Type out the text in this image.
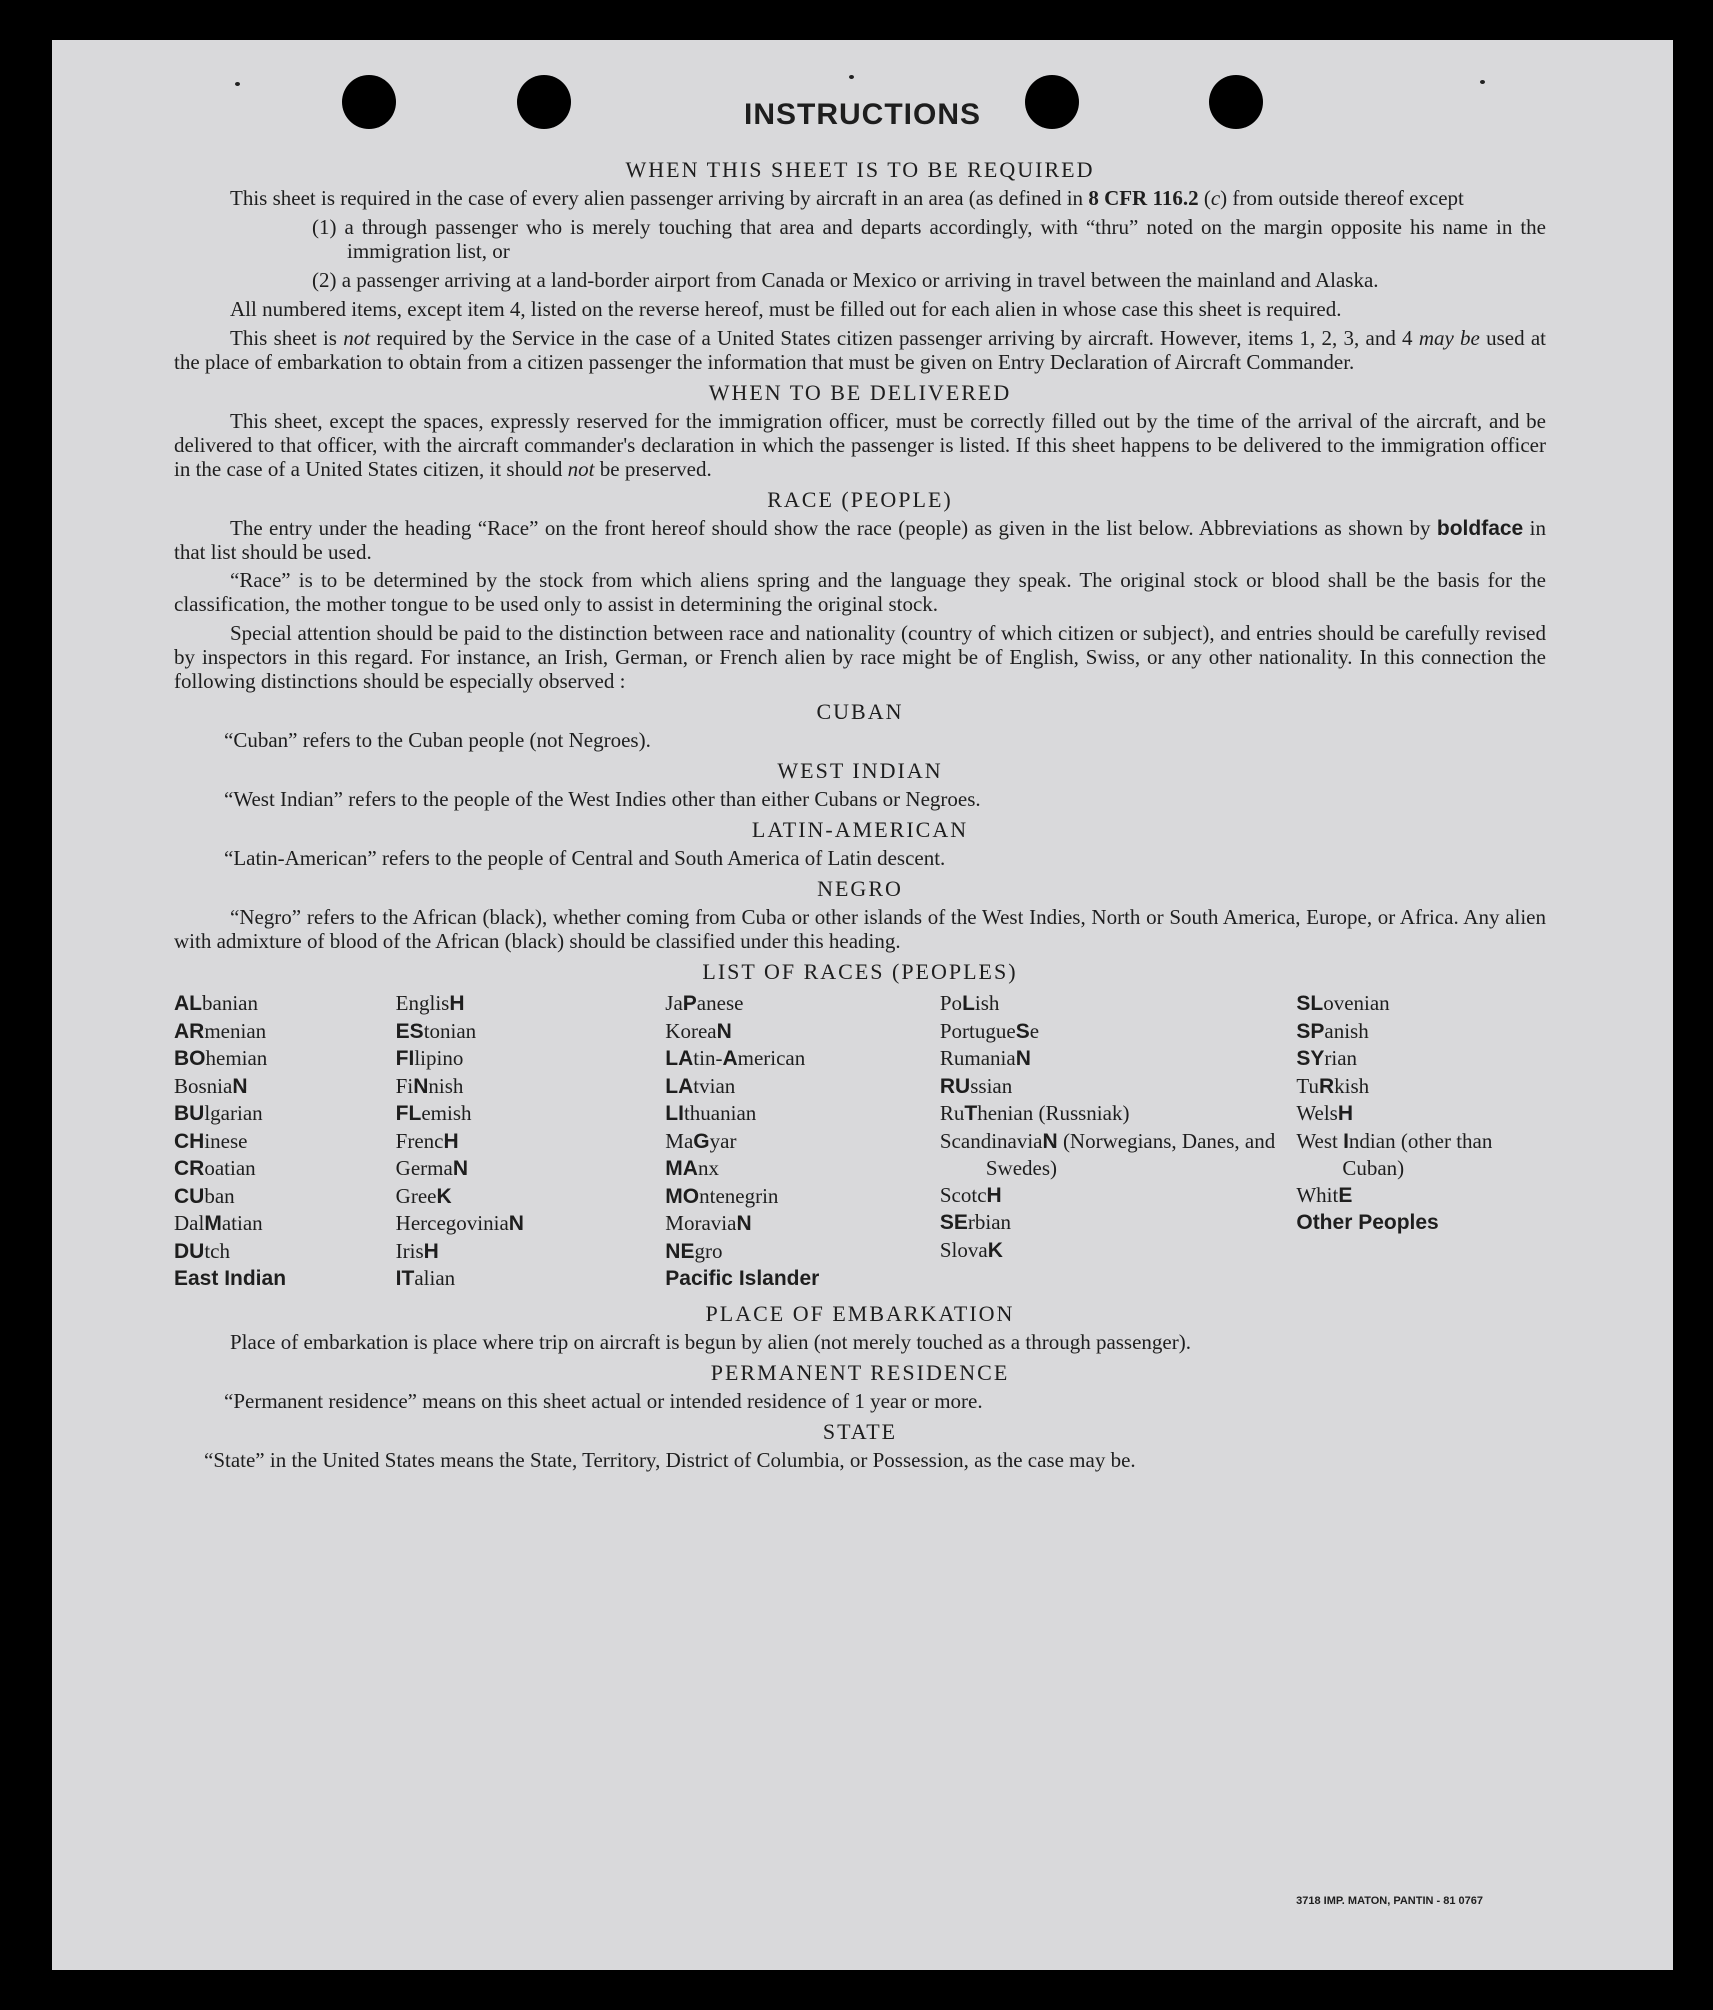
INSTRUCTIONS
WHEN THIS SHEET IS TO BE REQUIRED

This sheet is required in the case of every alien passenger arriving by aircraft in an area (as defined in 8 CFR 116.2 (c) from outside thereof except

(1) a through passenger who is merely touching that area and departs accordingly, with “thru” noted on the margin opposite his name in the immigration list, or
(2) a passenger arriving at a land-border airport from Canada or Mexico or arriving in travel between the mainland and Alaska.

All numbered items, except item 4, listed on the reverse hereof, must be filled out for each alien in whose case this sheet is required.

This sheet is not required by the Service in the case of a United States citizen passenger arriving by aircraft. However, items 1, 2, 3, and 4 may be used at the place of embarkation to obtain from a citizen passenger the information that must be given on Entry Declaration of Aircraft Commander.

WHEN TO BE DELIVERED

This sheet, except the spaces, expressly reserved for the immigration officer, must be correctly filled out by the time of the arrival of the aircraft, and be delivered to that officer, with the aircraft commander's declaration in which the passenger is listed. If this sheet happens to be delivered to the immigration officer in the case of a United States citizen, it should not be preserved.

RACE (PEOPLE)

The entry under the heading “Race” on the front hereof should show the race (people) as given in the list below. Abbreviations as shown by boldface in that list should be used.

“Race” is to be determined by the stock from which aliens spring and the language they speak. The original stock or blood shall be the basis for the classification, the mother tongue to be used only to assist in determining the original stock.

Special attention should be paid to the distinction between race and nationality (country of which citizen or subject), and entries should be carefully revised by inspectors in this regard. For instance, an Irish, German, or French alien by race might be of English, Swiss, or any other nationality. In this connection the following distinctions should be especially observed :

CUBAN
“Cuban” refers to the Cuban people (not Negroes).
WEST INDIAN
“West Indian” refers to the people of the West Indies other than either Cubans or Negroes.
LATIN-AMERICAN
“Latin-American” refers to the people of Central and South America of Latin descent.
NEGRO

“Negro” refers to the African (black), whether coming from Cuba or other islands of the West Indies, North or South America, Europe, or Africa. Any alien with admixture of blood of the African (black) should be classified under this heading.

LIST OF RACES (PEOPLES)
ALbanian
ARmenian
BOhemian
BosniaN
BUlgarian
CHinese
CRoatian
CUban
DalMatian
DUtch
East Indian
EnglisH
EStonian
FIlipino
FiNnish
FLemish
FrencH
GermaN
GreeK
HercegoviniaN
IrisH
ITalian
JaPanese
KoreaN
LAtin-American
LAtvian
LIthuanian
MaGyar
MAnx
MOntenegrin
MoraviaN
NEgro
Pacific Islander
PoLish
PortugueSe
RumaniaN
RUssian
RuThenian (Russniak)
ScandinaviaN (Norwegians, Danes, and Swedes)
ScotcH
SErbian
SlovaK
SLovenian
SPanish
SYrian
TuRkish
WelsH
West Indian (other than Cuban)
WhitE
Other Peoples
PLACE OF EMBARKATION

Place of embarkation is place where trip on aircraft is begun by alien (not merely touched as a through passenger).

PERMANENT RESIDENCE
“Permanent residence” means on this sheet actual or intended residence of 1 year or more.
STATE
“State” in the United States means the State, Territory, District of Columbia, or Possession, as the case may be.
3718 IMP. MATON, PANTIN - 81 0767
